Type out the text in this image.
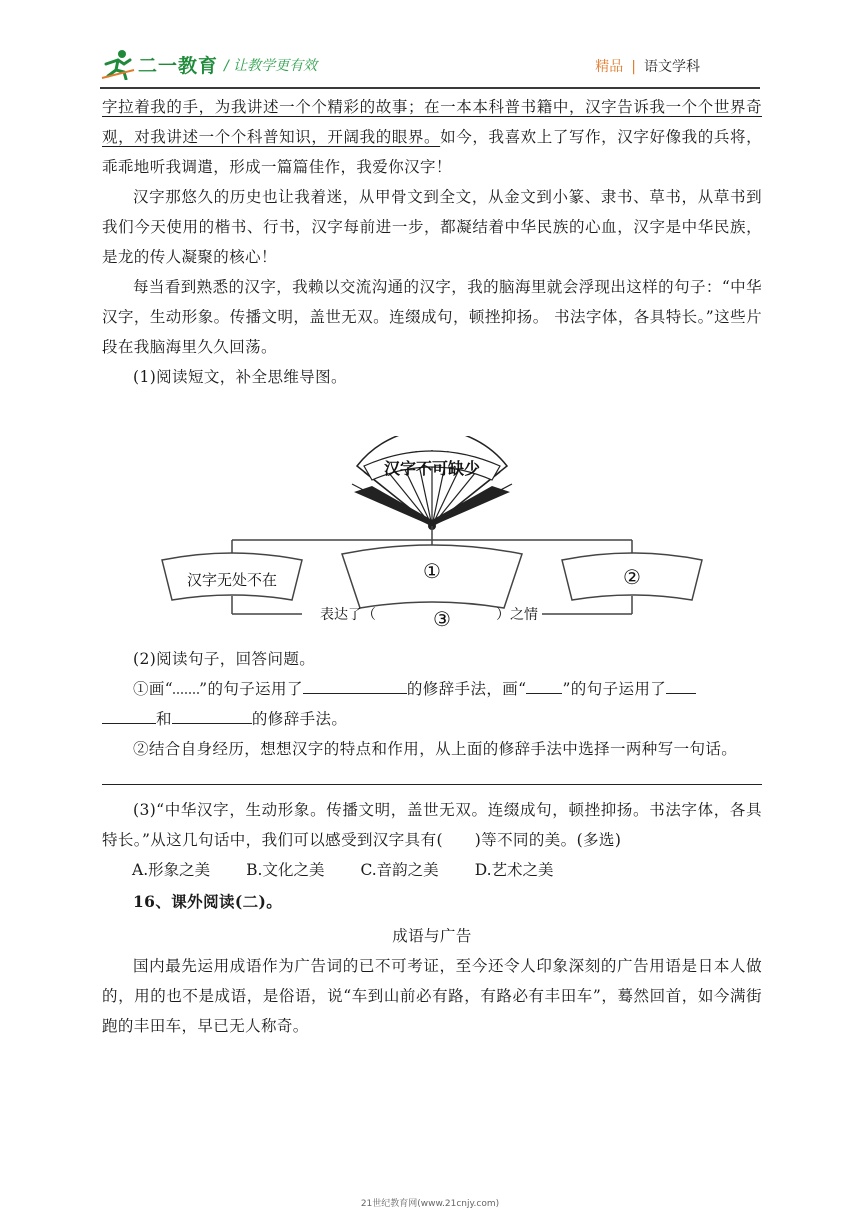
二一教育 / 让教学更有效	精品 | 语文学科

字拉着我的手，为我讲述一个个精彩的故事；在一本本科普书籍中，汉字告诉我一个个世界奇观，对我讲述一个个科普知识，开阔我的眼界。如今，我喜欢上了写作，汉字好像我的兵将，乖乖地听我调遣，形成一篇篇佳作，我爱你汉字！

汉字那悠久的历史也让我着迷，从甲骨文到全文，从金文到小篆、隶书、草书，从草书到我们今天使用的楷书、行书，汉字每前进一步，都凝结着中华民族的心血，汉字是中华民族，是龙的传人凝聚的核心！

每当看到熟悉的汉字，我赖以交流沟通的汉字，我的脑海里就会浮现出这样的句子：“中华汉字，生动形象。传播文明，盖世无双。连缀成句，顿挫抑扬。 书法字体，各具特长。”这些片段在我脑海里久久回荡。

(1)阅读短文，补全思维导图。

汉字不可缺少
汉字无处不在	①	②
表达了（	③	）之情

(2)阅读句子，回答问题。

①画“ ”的句子运用了	的修辞手法，画“ ”的句子运用了

和	的修辞手法。

②结合自身经历，想想汉字的特点和作用，从上面的修辞手法中选择一两种写一句话。

(3)“中华汉字，生动形象。传播文明，盖世无双。连缀成句，顿挫抑扬。书法字体，各具特长。”从这几句话中，我们可以感受到汉字具有(　　)等不同的美。(多选)

A.形象之美 B.文化之美 C.音韵之美 D.艺术之美

16、课外阅读(二)。

成语与广告

国内最先运用成语作为广告词的已不可考证，至今还令人印象深刻的广告用语是日本人做的，用的也不是成语，是俗语，说“车到山前必有路，有路必有丰田车”，蓦然回首，如今满街跑的丰田车，早已无人称奇。

21世纪教育网(www.21cnjy.com)
